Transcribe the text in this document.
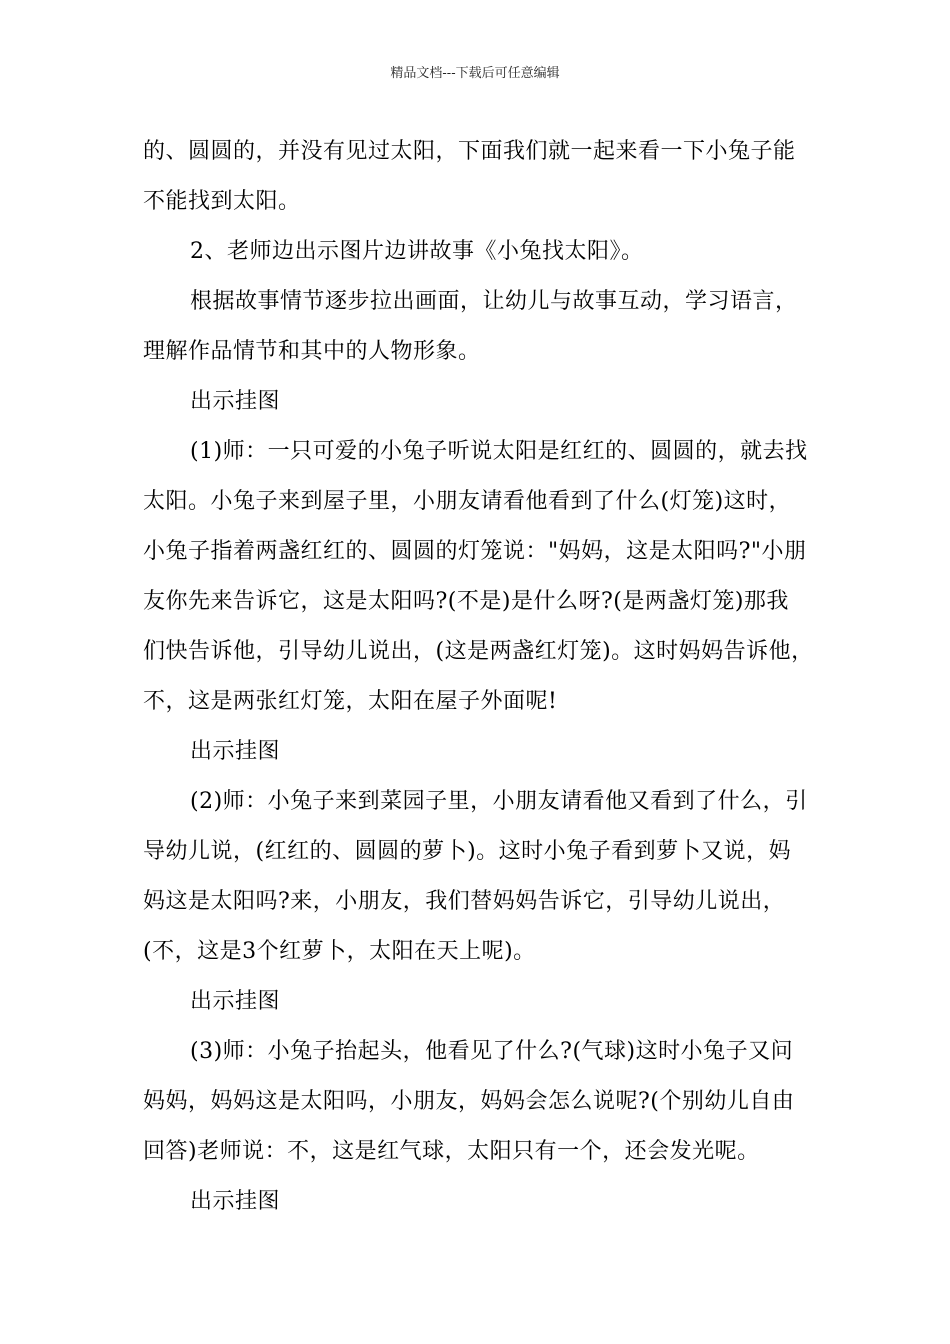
精品文档---下载后可任意编辑
的、圆圆的，并没有见过太阳，下面我们就一起来看一下小兔子能
不能找到太阳。
2、老师边出示图片边讲故事《小兔找太阳》。
根据故事情节逐步拉出画面，让幼儿与故事互动，学习语言，
理解作品情节和其中的人物形象。
出示挂图
(1)师：一只可爱的小兔子听说太阳是红红的、圆圆的，就去找
太阳。小兔子来到屋子里，小朋友请看他看到了什么(灯笼)这时，
小兔子指着两盏红红的、圆圆的灯笼说："妈妈，这是太阳吗?"小朋
友你先来告诉它，这是太阳吗?(不是)是什么呀?(是两盏灯笼)那我
们快告诉他，引导幼儿说出，(这是两盏红灯笼)。这时妈妈告诉他，
不，这是两张红灯笼，太阳在屋子外面呢!
出示挂图
(2)师：小兔子来到菜园子里，小朋友请看他又看到了什么，引
导幼儿说，(红红的、圆圆的萝卜)。这时小兔子看到萝卜又说，妈
妈这是太阳吗?来，小朋友，我们替妈妈告诉它，引导幼儿说出，
(不，这是3个红萝卜，太阳在天上呢)。
出示挂图
(3)师：小兔子抬起头，他看见了什么?(气球)这时小兔子又问
妈妈，妈妈这是太阳吗，小朋友，妈妈会怎么说呢?(个别幼儿自由
回答)老师说：不，这是红气球，太阳只有一个，还会发光呢。
出示挂图
